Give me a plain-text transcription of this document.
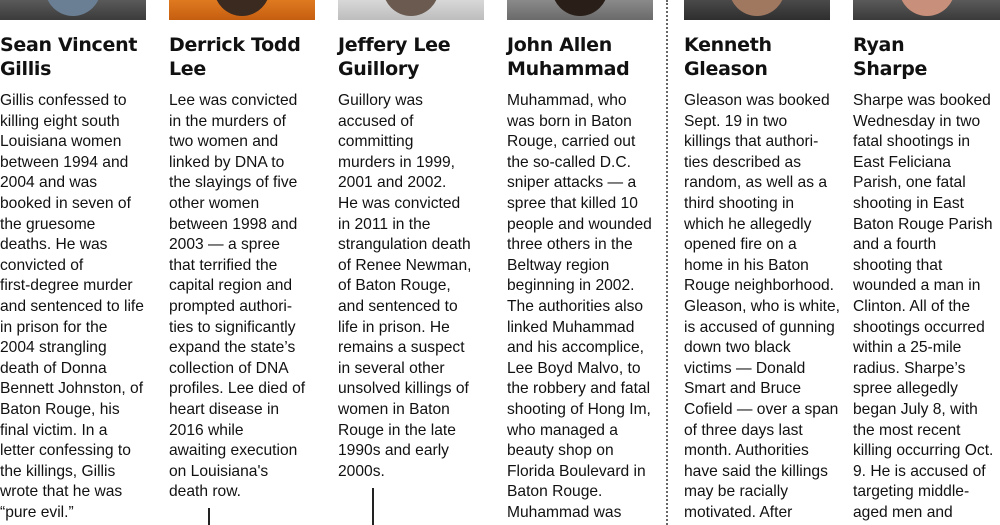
Sean Vincent
Gillis
Gillis confessed to
killing eight south
Louisiana women
between 1994 and
2004 and was
booked in seven of
the gruesome
deaths. He was
convicted of
first-degree murder
and sentenced to life
in prison for the
2004 strangling
death of Donna
Bennett Johnston, of
Baton Rouge, his
final victim. In a
letter confessing to
the killings, Gillis
wrote that he was
“pure evil.”
Derrick Todd
Lee
Lee was convicted
in the murders of
two women and
linked by DNA to
the slayings of five
other women
between 1998 and
2003 — a spree
that terrified the
capital region and
prompted authori-
ties to significantly
expand the state’s
collection of DNA
profiles. Lee died of
heart disease in
2016 while
awaiting execution
on Louisiana's
death row.
Jeffery Lee
Guillory
Guillory was
accused of
committing
murders in 1999,
2001 and 2002.
He was convicted
in 2011 in the
strangulation death
of Renee Newman,
of Baton Rouge,
and sentenced to
life in prison. He
remains a suspect
in several other
unsolved killings of
women in Baton
Rouge in the late
1990s and early
2000s.
John Allen
Muhammad
Muhammad, who
was born in Baton
Rouge, carried out
the so-called D.C.
sniper attacks — a
spree that killed 10
people and wounded
three others in the
Beltway region
beginning in 2002.
The authorities also
linked Muhammad
and his accomplice,
Lee Boyd Malvo, to
the robbery and fatal
shooting of Hong Im,
who managed a
beauty shop on
Florida Boulevard in
Baton Rouge.
Muhammad was
Kenneth
Gleason
Gleason was booked
Sept. 19 in two
killings that authori-
ties described as
random, as well as a
third shooting in
which he allegedly
opened fire on a
home in his Baton
Rouge neighborhood.
Gleason, who is white,
is accused of gunning
down two black
victims — Donald
Smart and Bruce
Cofield — over a span
of three days last
month. Authorities
have said the killings
may be racially
motivated. After
Ryan
Sharpe
Sharpe was booked
Wednesday in two
fatal shootings in
East Feliciana
Parish, one fatal
shooting in East
Baton Rouge Parish
and a fourth
shooting that
wounded a man in
Clinton. All of the
shootings occurred
within a 25-mile
radius. Sharpe’s
spree allegedly
began July 8, with
the most recent
killing occurring Oct.
9. He is accused of
targeting middle-
aged men and
